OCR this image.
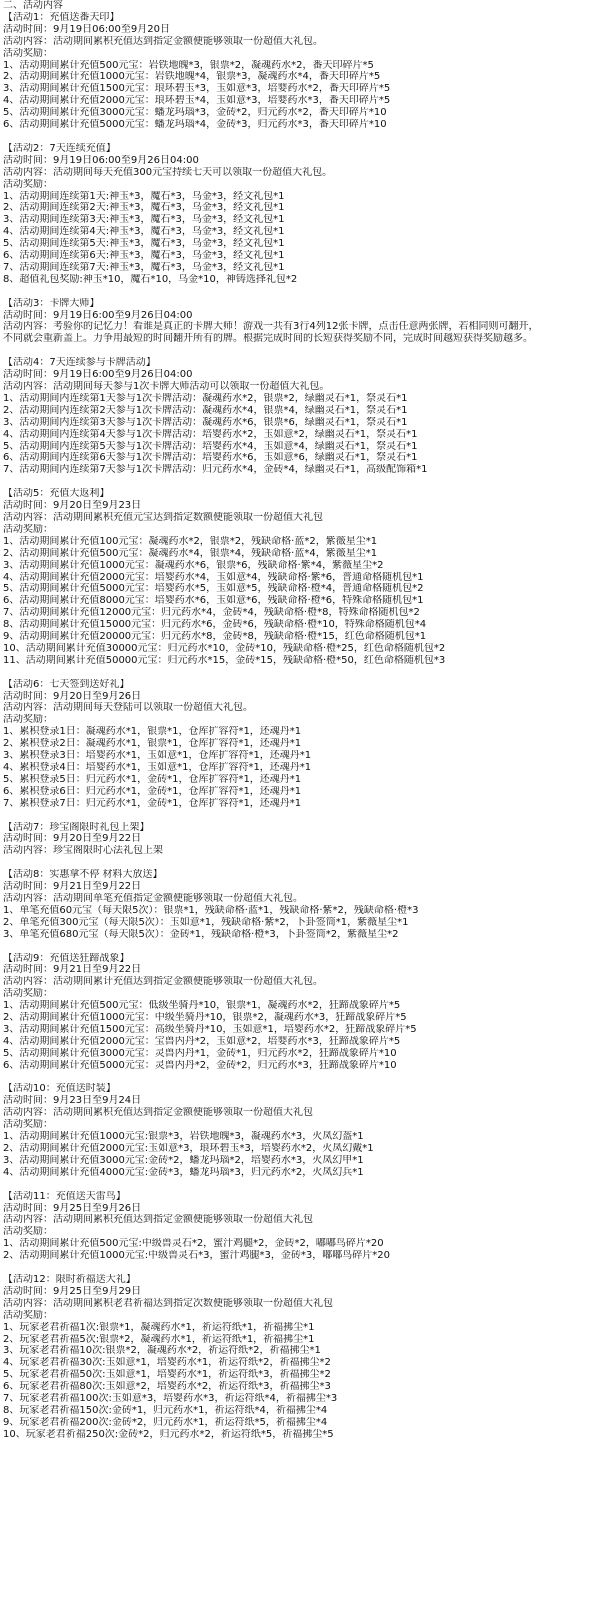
二、活动内容
【活动1：充值送番天印】
活动时间：9月19日06:00至9月20日
活动内容：活动期间累积充值达到指定金额便能够领取一份超值大礼包。
活动奖励：
1、活动期间累计充值500元宝：岩铁地魄*3，银票*2，凝魂药水*2，番天印碎片*5
2、活动期间累计充值1000元宝：岩铁地魄*4，银票*3，凝魂药水*4，番天印碎片*5
3、活动期间累计充值1500元宝：琅环碧玉*3，玉如意*3，培婴药水*2，番天印碎片*5
4、活动期间累计充值2000元宝：琅环碧玉*4，玉如意*3，培婴药水*3，番天印碎片*5
5、活动期间累计充值3000元宝：蟠龙玛瑙*3，金砖*2，归元药水*2，番天印碎片*10
6、活动期间累计充值5000元宝：蟠龙玛瑙*4，金砖*3，归元药水*3，番天印碎片*10
【活动2：7天连续充值】
活动时间：9月19日06:00至9月26日04:00
活动内容：活动期间每天充值300元宝持续七天可以领取一份超值大礼包。
活动奖励：
1、活动期间连续第1天:神玉*3，魔石*3，乌金*3，经文礼包*1
2、活动期间连续第2天:神玉*3，魔石*3，乌金*3，经文礼包*1
3、活动期间连续第3天:神玉*3，魔石*3，乌金*3，经文礼包*1
4、活动期间连续第4天:神玉*3，魔石*3，乌金*3，经文礼包*1
5、活动期间连续第5天:神玉*3，魔石*3，乌金*3，经文礼包*1
6、活动期间连续第6天:神玉*3，魔石*3，乌金*3，经文礼包*1
7、活动期间连续第7天:神玉*3，魔石*3，乌金*3，经文礼包*1
8、超值礼包奖励:神玉*10，魔石*10，乌金*10，神铸选择礼包*2
【活动3：卡牌大师】
活动时间：9月19日6:00至9月26日04:00
活动内容：考验你的记忆力！看谁是真正的卡牌大师！游戏一共有3行4列12张卡牌，点击任意两张牌，若相同则可翻开，
不同就会重新盖上。力争用最短的时间翻开所有的牌。根据完成时间的长短获得奖励不同，完成时间越短获得奖励越多。
【活动4：7天连续参与卡牌活动】
活动时间：9月19日6:00至9月26日04:00
活动内容：活动期间每天参与1次卡牌大师活动可以领取一份超值大礼包。
1、活动期间内连续第1天参与1次卡牌活动：凝魂药水*2，银票*2，绿幽灵石*1，祭灵石*1
2、活动期间内连续第2天参与1次卡牌活动：凝魂药水*4，银票*4，绿幽灵石*1，祭灵石*1
3、活动期间内连续第3天参与1次卡牌活动：凝魂药水*6，银票*6，绿幽灵石*1，祭灵石*1
4、活动期间内连续第4天参与1次卡牌活动：培婴药水*2，玉如意*2，绿幽灵石*1，祭灵石*1
5、活动期间内连续第5天参与1次卡牌活动：培婴药水*4，玉如意*4，绿幽灵石*1，祭灵石*1
6、活动期间内连续第6天参与1次卡牌活动：培婴药水*6，玉如意*6，绿幽灵石*1，祭灵石*1
7、活动期间内连续第7天参与1次卡牌活动：归元药水*4，金砖*4，绿幽灵石*1，高级配饰箱*1
【活动5：充值大返利】
活动时间：9月20日至9月23日
活动内容：活动期间累积充值元宝达到指定数额便能领取一份超值大礼包
活动奖励：
1、活动期间累计充值100元宝：凝魂药水*2，银票*2，残缺命格·蓝*2，紫薇星尘*1
2、活动期间累计充值500元宝：凝魂药水*4，银票*4，残缺命格·蓝*4，紫薇星尘*1
3、活动期间累计充值1000元宝：凝魂药水*6，银票*6，残缺命格·紫*4，紫薇星尘*2
4、活动期间累计充值2000元宝：培婴药水*4，玉如意*4，残缺命格·紫*6，普通命格随机包*1
5、活动期间累计充值5000元宝：培婴药水*5，玉如意*5，残缺命格·橙*4，普通命格随机包*2
6、活动期间累计充值8000元宝：培婴药水*6，玉如意*6，残缺命格·橙*6，特殊命格随机包*1
7、活动期间累计充值12000元宝：归元药水*4，金砖*4，残缺命格·橙*8，特殊命格随机包*2
8、活动期间累计充值15000元宝：归元药水*6，金砖*6，残缺命格·橙*10，特殊命格随机包*4
9、活动期间累计充值20000元宝：归元药水*8，金砖*8，残缺命格·橙*15，红色命格随机包*1
10、活动期间累计充值30000元宝：归元药水*10，金砖*10，残缺命格·橙*25，红色命格随机包*2
11、活动期间累计充值50000元宝：归元药水*15，金砖*15，残缺命格·橙*50，红色命格随机包*3
【活动6：七天签到送好礼】
活动时间：9月20日至9月26日
活动内容：活动期间每天登陆可以领取一份超值大礼包。
活动奖励：
1、累积登录1日：凝魂药水*1，银票*1，仓库扩容符*1，还魂丹*1
2、累积登录2日：凝魂药水*1，银票*1，仓库扩容符*1，还魂丹*1
3、累积登录3日：培婴药水*1，玉如意*1，仓库扩容符*1，还魂丹*1
4、累积登录4日：培婴药水*1，玉如意*1，仓库扩容符*1，还魂丹*1
5、累积登录5日：归元药水*1，金砖*1，仓库扩容符*1，还魂丹*1
6、累积登录6日：归元药水*1，金砖*1，仓库扩容符*1，还魂丹*1
7、累积登录7日：归元药水*1，金砖*1，仓库扩容符*1，还魂丹*1
【活动7：珍宝阁限时礼包上架】
活动时间：9月20日至9月22日
活动内容：珍宝阁限时心法礼包上架
【活动8：实惠拿不停 材料大放送】
活动时间：9月21日至9月22日
活动内容：活动期间单笔充值指定金额便能够领取一份超值大礼包。
1、单笔充值60元宝（每天限5次）：银票*1，残缺命格·蓝*1，残缺命格·紫*2，残缺命格·橙*3
2、单笔充值300元宝（每天限5次）：玉如意*1，残缺命格·紫*2，卜卦签筒*1，紫薇星尘*1
3、单笔充值680元宝（每天限5次）：金砖*1，残缺命格·橙*3，卜卦签筒*2，紫薇星尘*2
【活动9：充值送狂蹄战象】
活动时间：9月21日至9月22日
活动内容：活动期间累计充值达到指定金额便能够领取一份超值大礼包。
活动奖励：
1、活动期间累计充值500元宝：低级坐骑丹*10，银票*1，凝魂药水*2，狂蹄战象碎片*5
2、活动期间累计充值1000元宝：中级坐骑丹*10，银票*2，凝魂药水*3，狂蹄战象碎片*5
3、活动期间累计充值1500元宝：高级坐骑丹*10，玉如意*1，培婴药水*2，狂蹄战象碎片*5
4、活动期间累计充值2000元宝：宝兽内丹*2，玉如意*2，培婴药水*3，狂蹄战象碎片*5
5、活动期间累计充值3000元宝：灵兽内丹*1，金砖*1，归元药水*2，狂蹄战象碎片*10
6、活动期间累计充值5000元宝：灵兽内丹*2，金砖*2，归元药水*3，狂蹄战象碎片*10
【活动10：充值送时装】
活动时间：9月23日至9月24日
活动内容：活动期间累积充值达到指定金额便能够领取一份超值大礼包
活动奖励：
1、活动期间累计充值1000元宝:银票*3，岩铁地魄*3，凝魂药水*3，火凤幻盔*1
2、活动期间累计充值2000元宝:玉如意*3，琅环碧玉*3，培婴药水*2，火凤幻戴*1
3、活动期间累计充值3000元宝:金砖*2，蟠龙玛瑙*2，培婴药水*3，火凤幻甲*1
4、活动期间累计充值4000元宝:金砖*3，蟠龙玛瑙*3，归元药水*2，火凤幻兵*1
【活动11：充值送天雷鸟】
活动时间：9月25日至9月26日
活动内容：活动期间累积充值达到指定金额便能够领取一份超值大礼包
活动奖励：
1、活动期间累计充值500元宝:中级兽灵石*2，蜜汁鸡腿*2，金砖*2，嘟嘟鸟碎片*20
2、活动期间累计充值1000元宝:中级兽灵石*3，蜜汁鸡腿*3，金砖*3，嘟嘟鸟碎片*20
【活动12：限时祈福送大礼】
活动时间：9月25日至9月29日
活动内容：活动期间累积老君祈福达到指定次数便能够领取一份超值大礼包
活动奖励：
1、玩家老君祈福1次:银票*1，凝魂药水*1，祈运符纸*1，祈福拂尘*1
2、玩家老君祈福5次:银票*2，凝魂药水*1，祈运符纸*1，祈福拂尘*1
3、玩家老君祈福10次:银票*2，凝魂药水*2，祈运符纸*2，祈福拂尘*1
4、玩家老君祈福30次:玉如意*1，培婴药水*1，祈运符纸*2，祈福拂尘*2
5、玩家老君祈福50次:玉如意*1，培婴药水*1，祈运符纸*3，祈福拂尘*2
6、玩家老君祈福80次:玉如意*2，培婴药水*2，祈运符纸*3，祈福拂尘*3
7、玩家老君祈福100次:玉如意*3，培婴药水*3，祈运符纸*4，祈福拂尘*3
8、玩家老君祈福150次:金砖*1，归元药水*1，祈运符纸*4，祈福拂尘*4
9、玩家老君祈福200次:金砖*2，归元药水*1，祈运符纸*5，祈福拂尘*4
10、玩家老君祈福250次:金砖*2，归元药水*2，祈运符纸*5，祈福拂尘*5
